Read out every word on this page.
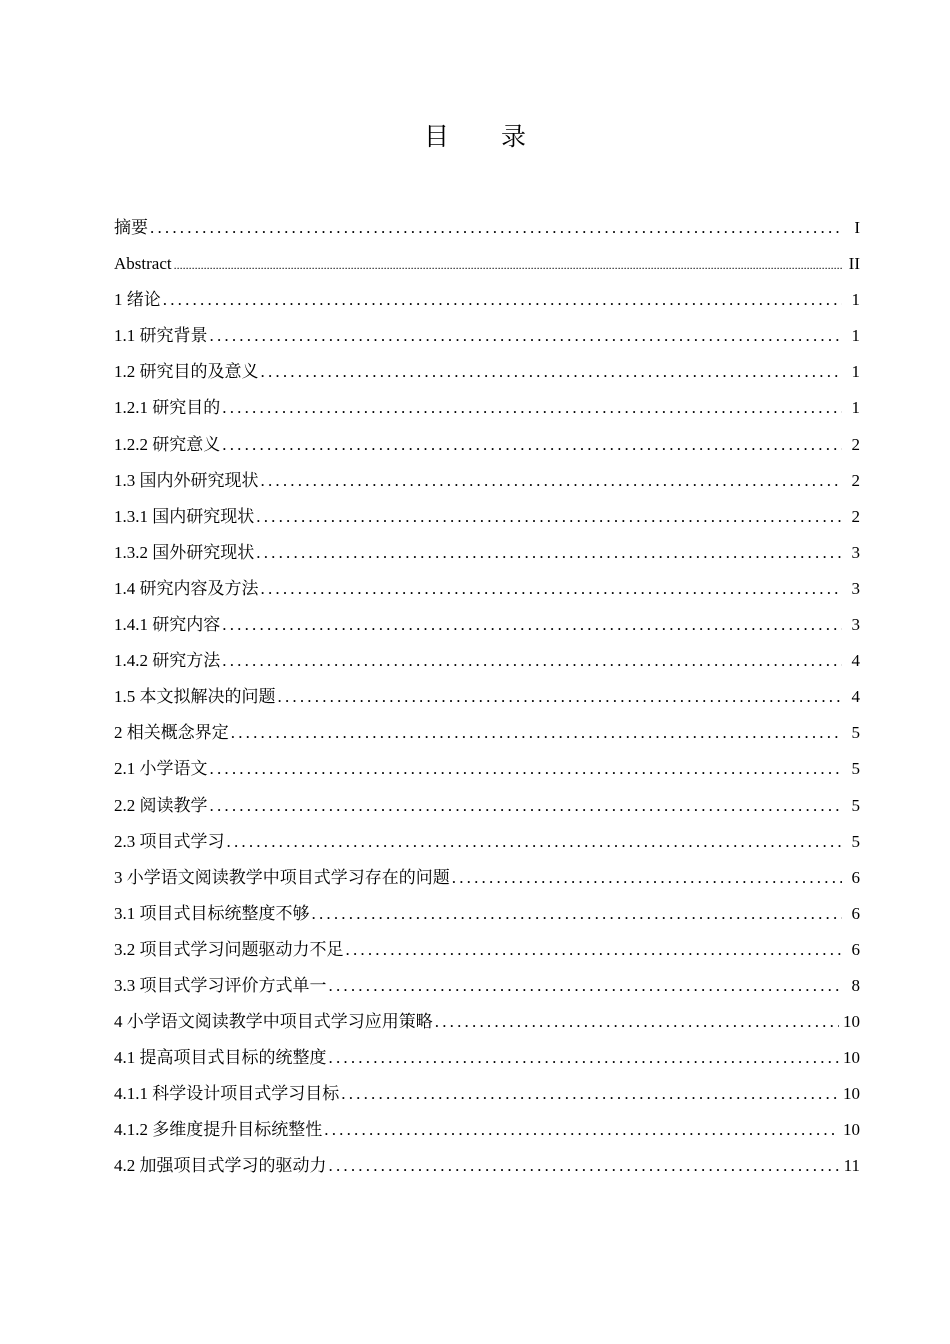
目 录
摘要 .....	I
Abstract .....	II
1 绪论 .....	1
1.1 研究背景 .....	1
1.2 研究目的及意义 .....	1
1.2.1 研究目的 .....	1
1.2.2 研究意义 .....	2
1.3 国内外研究现状 .....	2
1.3.1 国内研究现状 .....	2
1.3.2 国外研究现状 .....	3
1.4 研究内容及方法 .....	3
1.4.1 研究内容 .....	3
1.4.2 研究方法 .....	4
1.5 本文拟解决的问题 .....	4
2 相关概念界定 .....	5
2.1 小学语文 .....	5
2.2 阅读教学 .....	5
2.3 项目式学习 .....	5
3 小学语文阅读教学中项目式学习存在的问题 .....	6
3.1 项目式目标统整度不够 .....	6
3.2 项目式学习问题驱动力不足 .....	6
3.3 项目式学习评价方式单一 .....	8
4 小学语文阅读教学中项目式学习应用策略 .....	10
4.1 提高项目式目标的统整度 .....	10
4.1.1 科学设计项目式学习目标 .....	10
4.1.2 多维度提升目标统整性 .....	10
4.2 加强项目式学习的驱动力 .....	11
